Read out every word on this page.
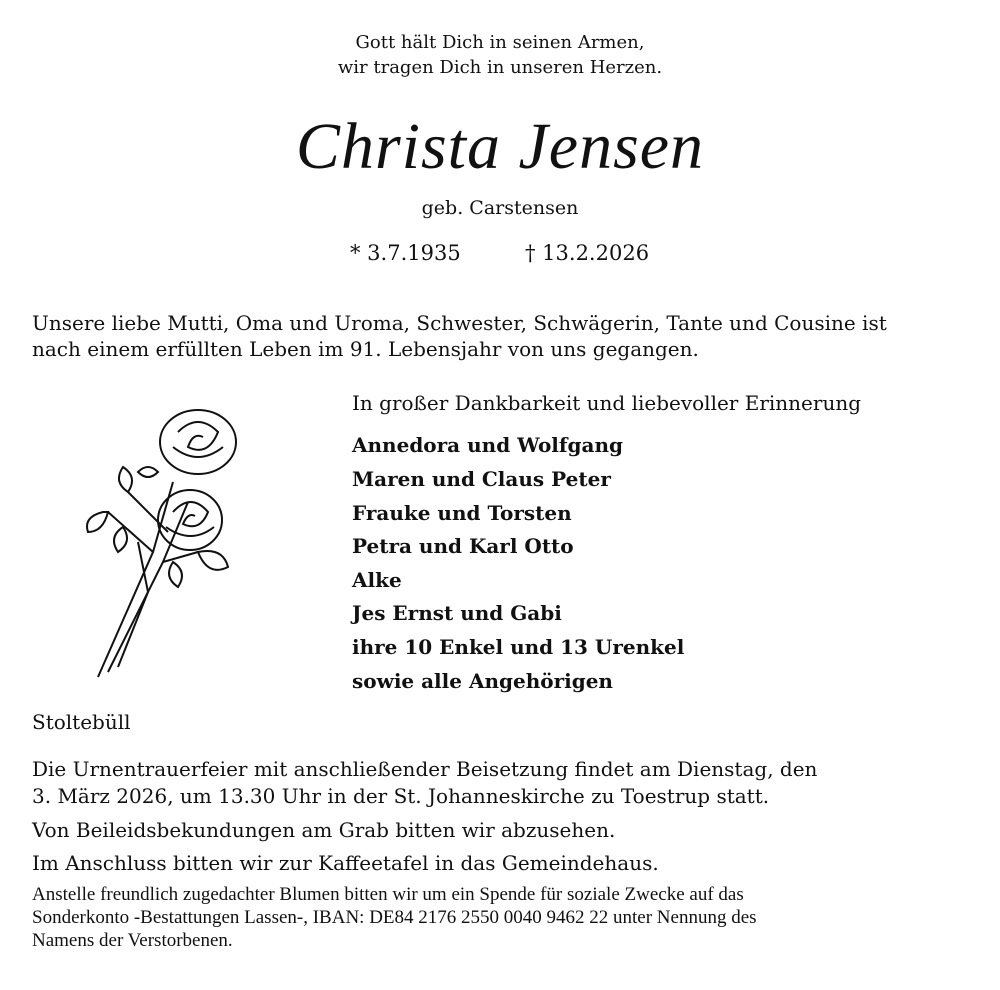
Gott hält Dich in seinen Armen,
wir tragen Dich in unseren Herzen.
Christa Jensen
geb. Carstensen
* 3.7.1935	† 13.2.2026
Unsere liebe Mutti, Oma und Uroma, Schwester, Schwägerin, Tante und Cousine ist
nach einem erfüllten Leben im 91. Lebensjahr von uns gegangen.
In großer Dankbarkeit und liebevoller Erinnerung
Annedora und Wolfgang
Maren und Claus Peter
Frauke und Torsten
Petra und Karl Otto
Alke
Jes Ernst und Gabi
ihre 10 Enkel und 13 Urenkel
sowie alle Angehörigen
Stoltebüll
Die Urnentrauerfeier mit anschließender Beisetzung findet am Dienstag, den
3. März 2026, um 13.30 Uhr in der St. Johanneskirche zu Toestrup statt.
Von Beileidsbekundungen am Grab bitten wir abzusehen.
Im Anschluss bitten wir zur Kaffeetafel in das Gemeindehaus.
Anstelle freundlich zugedachter Blumen bitten wir um ein Spende für soziale Zwecke auf das
Sonderkonto -Bestattungen Lassen-, IBAN: DE84 2176 2550 0040 9462 22 unter Nennung des
Namens der Verstorbenen.
